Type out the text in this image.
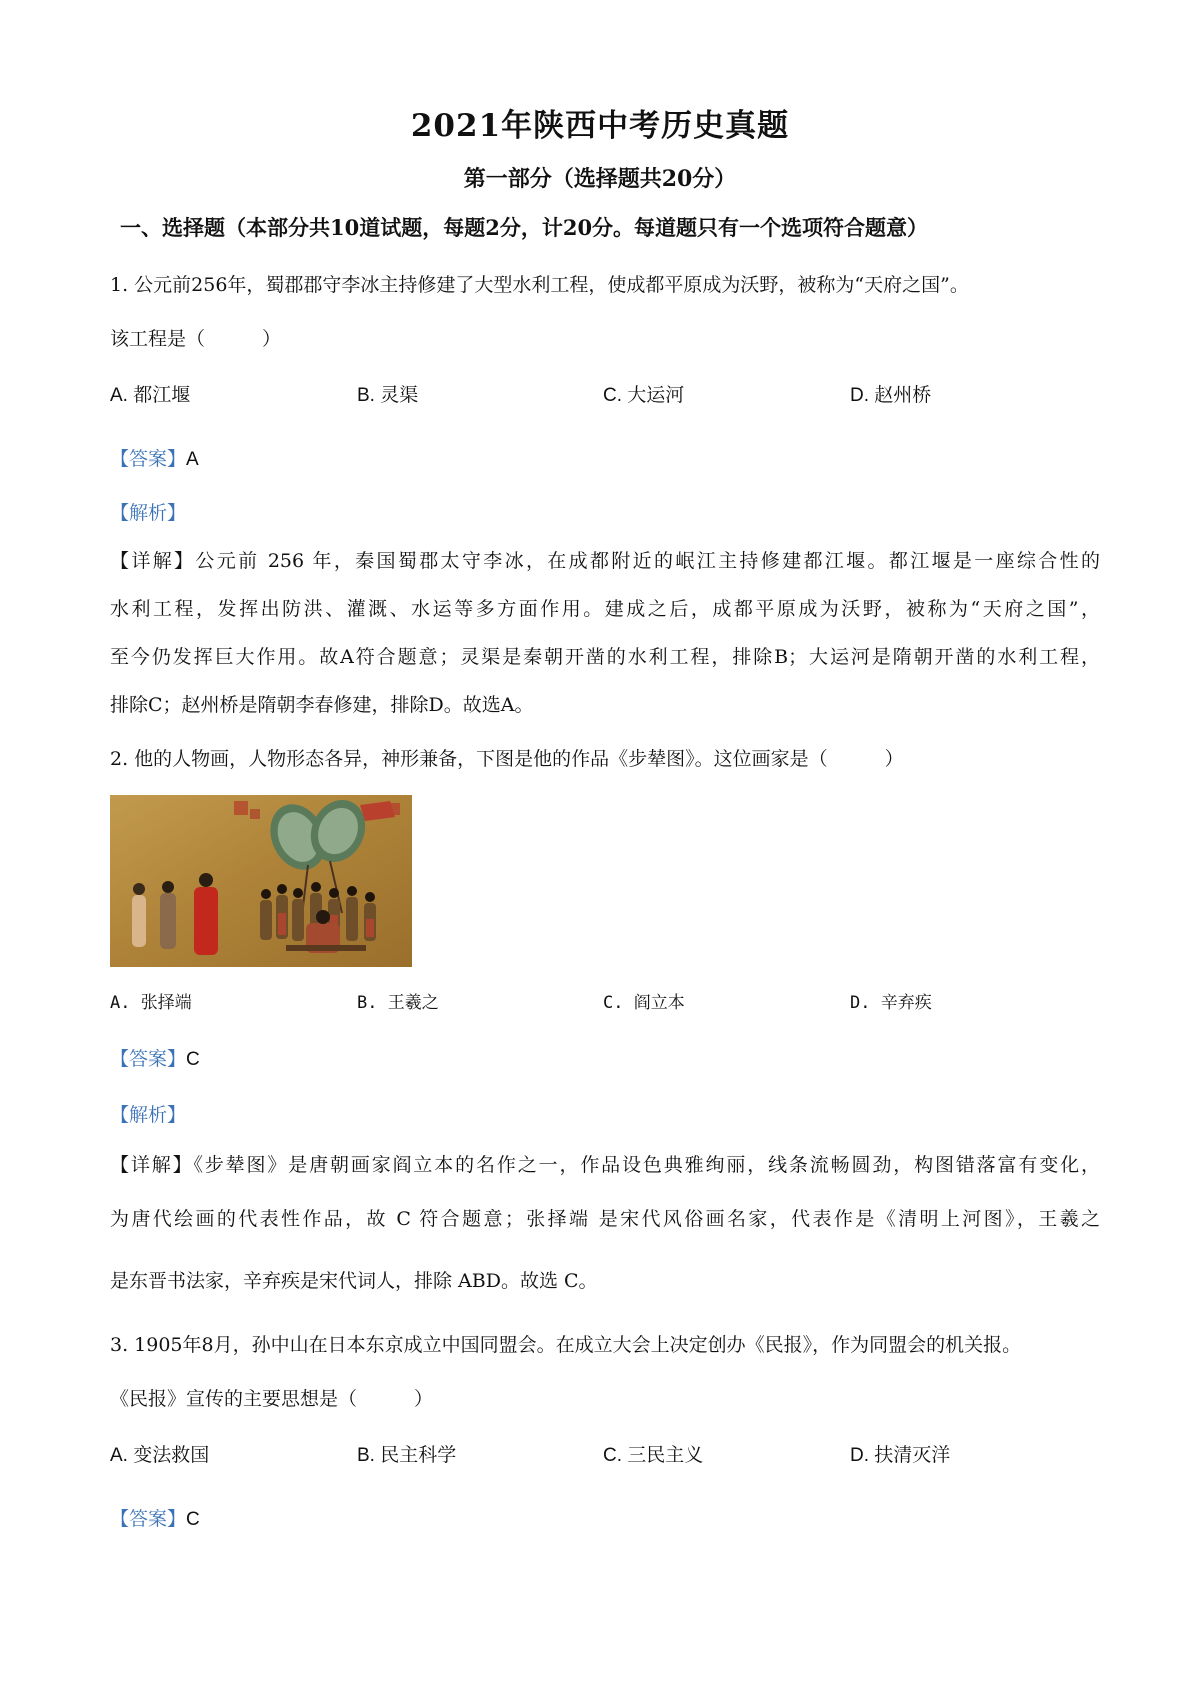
2021年陕西中考历史真题
第一部分（选择题共20分）
一、选择题（本部分共10道试题，每题2分，计20分。每道题只有一个选项符合题意）
1. 公元前256年，蜀郡郡守李冰主持修建了大型水利工程，使成都平原成为沃野，被称为“天府之国”。
该工程是（　　　）
A. 都江堰	B. 灵渠	C. 大运河	D. 赵州桥
【答案】A
【解析】
【详解】公元前 256 年，秦国蜀郡太守李冰，在成都附近的岷江主持修建都江堰。都江堰是一座综合性的
水利工程，发挥出防洪、灌溉、水运等多方面作用。建成之后，成都平原成为沃野，被称为“天府之国”，
至今仍发挥巨大作用。故A符合题意；灵渠是秦朝开凿的水利工程，排除B；大运河是隋朝开凿的水利工程，
排除C；赵州桥是隋朝李春修建，排除D。故选A。
2. 他的人物画，人物形态各异，神形兼备，下图是他的作品《步辇图》。这位画家是（　　　）
A. 张择端	B. 王羲之	C. 阎立本	D. 辛弃疾
【答案】C
【解析】
【详解】《步辇图》是唐朝画家阎立本的名作之一，作品设色典雅绚丽，线条流畅圆劲，构图错落富有变化，
为唐代绘画的代表性作品，故 C 符合题意；张择端 是宋代风俗画名家，代表作是《清明上河图》，王羲之
是东晋书法家，辛弃疾是宋代词人，排除 ABD。故选 C。
3. 1905年8月，孙中山在日本东京成立中国同盟会。在成立大会上决定创办《民报》，作为同盟会的机关报。
《民报》宣传的主要思想是（　　　）
A. 变法救国	B. 民主科学	C. 三民主义	D. 扶清灭洋
【答案】C
